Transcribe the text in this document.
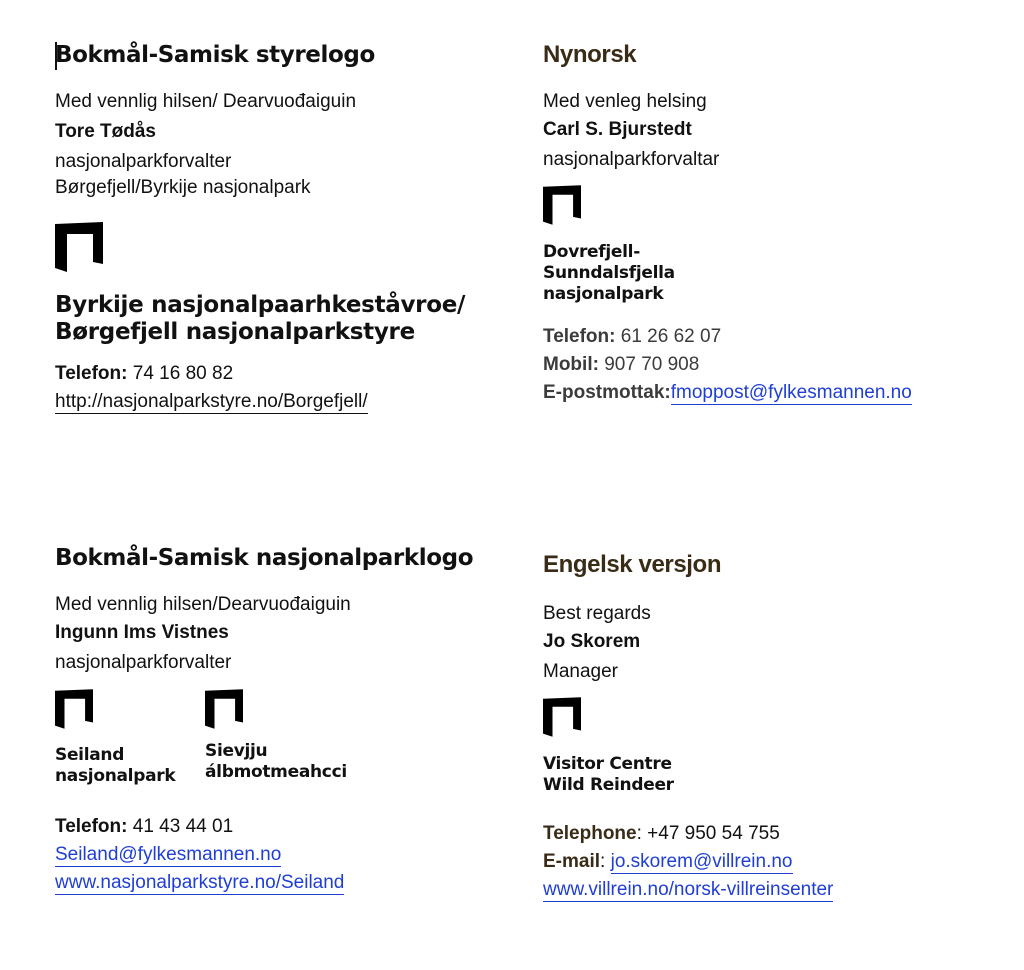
Bokmål-Samisk styrelogo
Med vennlig hilsen/ Dearvuođaiguin
Tore Tødås
nasjonalparkforvalter
Børgefjell/Byrkije nasjonalpark
Byrkije nasjonalpaarhkeståvroe/
Børgefjell nasjonalparkstyre
Telefon: 74 16 80 82
http://nasjonalparkstyre.no/Borgefjell/
Nynorsk
Med venleg helsing
Carl S. Bjurstedt
nasjonalparkforvaltar
Dovrefjell-
Sunndalsfjella
nasjonalpark
Telefon: 61 26 62 07
Mobil: 907 70 908
E-postmottak:fmoppost@fylkesmannen.no
Bokmål-Samisk nasjonalparklogo
Med vennlig hilsen/Dearvuođaiguin
Ingunn Ims Vistnes
nasjonalparkforvalter
Seiland
nasjonalpark
Sievjju
álbmotmeahcci
Telefon: 41 43 44 01
Seiland@fylkesmannen.no
www.nasjonalparkstyre.no/Seiland
Engelsk versjon
Best regards
Jo Skorem
Manager
Visitor Centre
Wild Reindeer
Telephone: +47 950 54 755
E-mail: jo.skorem@villrein.no
www.villrein.no/norsk-villreinsenter
